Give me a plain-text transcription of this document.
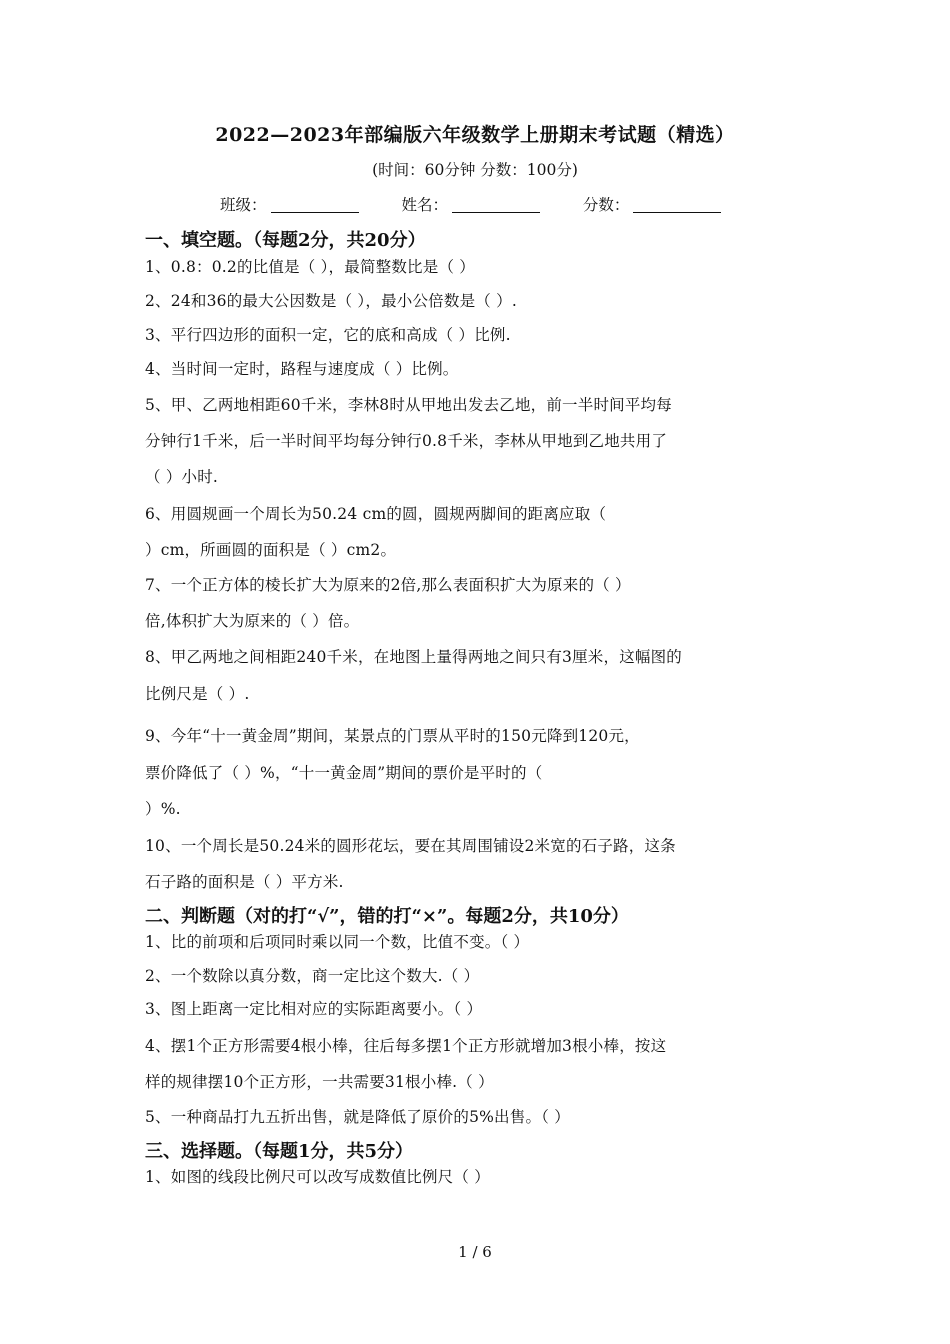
2022—2023年部编版六年级数学上册期末考试题（精选）
(时间：60分钟 分数：100分)
班级：	姓名：	分数：
一、填空题。（每题2分，共20分）
1、0.8：0.2的比值是（ ），最简整数比是（ ）
2、24和36的最大公因数是（ ），最小公倍数是（ ）.
3、平行四边形的面积一定，它的底和高成（ ）比例.
4、当时间一定时，路程与速度成（ ）比例。
5、甲、乙两地相距60千米，李林8时从甲地出发去乙地，前一半时间平均每
分钟行1千米，后一半时间平均每分钟行0.8千米，李林从甲地到乙地共用了
（ ）小时.
6、用圆规画一个周长为50.24 cm的圆，圆规两脚间的距离应取（
）cm，所画圆的面积是（ ）cm2。
7、一个正方体的棱长扩大为原来的2倍,那么表面积扩大为原来的（ ）
倍,体积扩大为原来的（ ）倍。
8、甲乙两地之间相距240千米，在地图上量得两地之间只有3厘米，这幅图的
比例尺是（ ）.
9、今年“十一黄金周”期间，某景点的门票从平时的150元降到120元，
票价降低了（ ）%，“十一黄金周”期间的票价是平时的（
）%.
10、一个周长是50.24米的圆形花坛，要在其周围铺设2米宽的石子路，这条
石子路的面积是（ ）平方米.
二、判断题（对的打“√”，错的打“×”。每题2分，共10分）
1、比的前项和后项同时乘以同一个数，比值不变。（ ）
2、一个数除以真分数，商一定比这个数大.（ ）
3、图上距离一定比相对应的实际距离要小。（ ）
4、摆1个正方形需要4根小棒，往后每多摆1个正方形就增加3根小棒，按这
样的规律摆10个正方形，一共需要31根小棒.（ ）
5、一种商品打九五折出售，就是降低了原价的5%出售。（ ）
三、选择题。（每题1分，共5分）
1、如图的线段比例尺可以改写成数值比例尺（ ）
1 / 6
